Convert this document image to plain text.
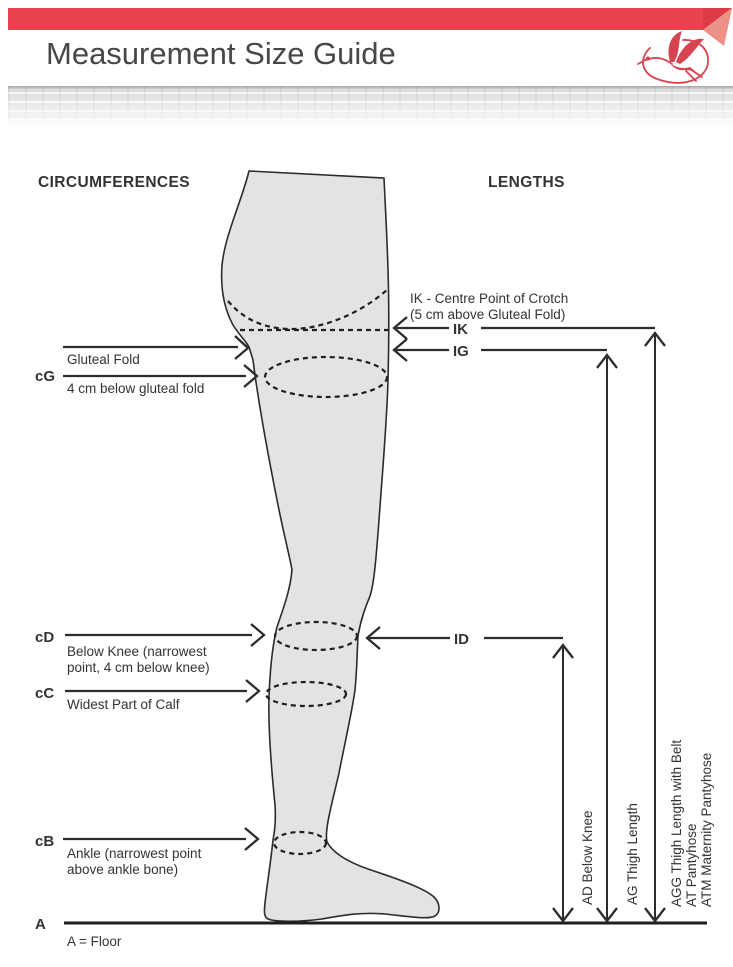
Measurement Size Guide
CIRCUMFERENCES	LENGTHS
Gluteal Fold
cG
4 cm below gluteal fold
cD
Below Knee (narrowest
point, 4 cm below knee)
cC
Widest Part of Calf
cB
Ankle (narrowest point
above ankle bone)
A
A = Floor
IK - Centre Point of Crotch
(5 cm above Gluteal Fold)
IK
IG
ID
AD Below Knee AG Thigh Length AGG Thigh Length with Belt AT Pantyhose ATM Maternity Pantyhose
